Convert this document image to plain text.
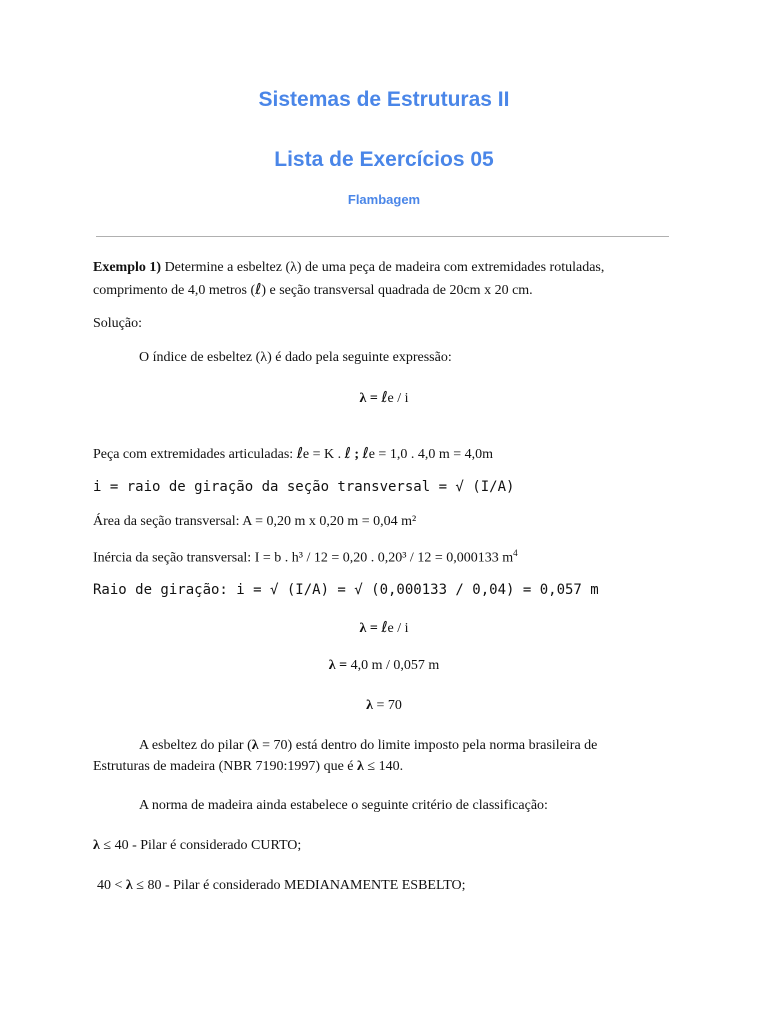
Sistemas de Estruturas II
Lista de Exercícios 05
Flambagem
Exemplo 1) Determine a esbeltez (λ) de uma peça de madeira com extremidades rotuladas,
comprimento de 4,0 metros (ℓ) e seção transversal quadrada de 20cm x 20 cm.
Solução:
O índice de esbeltez (λ) é dado pela seguinte expressão:
λ = ℓe / i
Peça com extremidades articuladas: ℓe = K . ℓ ; ℓe = 1,0 . 4,0 m = 4,0m
i = raio de giração da seção transversal = √ (I/A)
Área da seção transversal: A = 0,20 m x 0,20 m = 0,04 m²
Inércia da seção transversal: I = b . h³ / 12 = 0,20 . 0,20³ / 12 = 0,000133 $m^4$
Raio de giração: i = √ (I/A) = √ (0,000133 / 0,04) = 0,057 m
λ = ℓe / i
λ = 4,0 m / 0,057 m
λ = 70
A esbeltez do pilar (λ = 70) está dentro do limite imposto pela norma brasileira de
Estruturas de madeira (NBR 7190:1997) que é λ ≤ 140.
A norma de madeira ainda estabelece o seguinte critério de classificação:
λ ≤ 40 - Pilar é considerado CURTO;
40 < λ ≤ 80 - Pilar é considerado MEDIANAMENTE ESBELTO;
